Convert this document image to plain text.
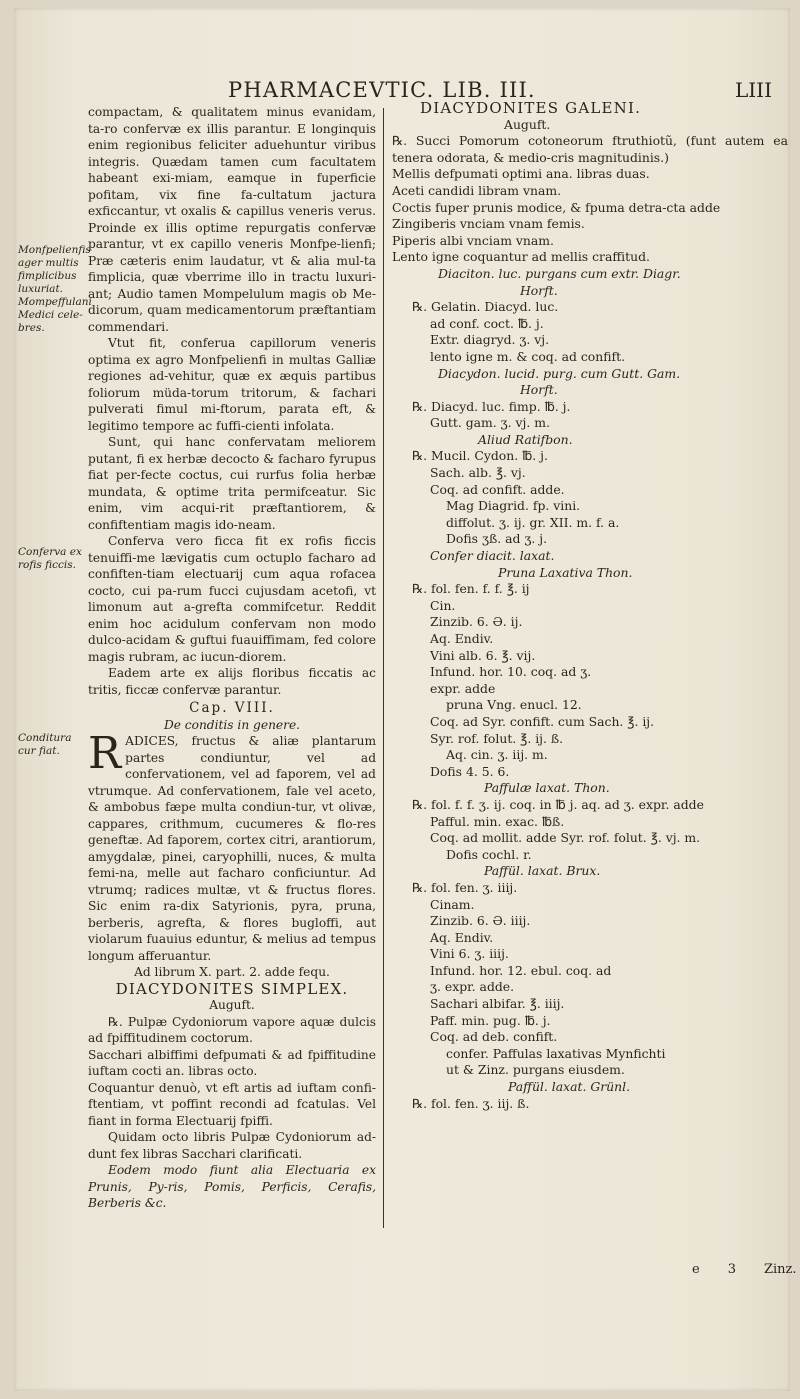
PHARMACEVTIC. LIB. III.	LIII

Monfpelienfis

ager multis

fimplicibus

luxuriat.

Mompeffulani

Medici cele-

bres.

Conferva ex

rofis ficcis.

Conditura

cur fiat.

compactam, & qualitatem minus evanidam, ta-ro confervæ ex illis parantur. E longinquis enim regionibus feliciter aduehuntur viribus integris. Quædam tamen cum facultatem habeant exi-miam, eamque in fuperficie pofitam, vix fine fa-cultatum jactura exficcantur, vt oxalis & capillus veneris verus. Proinde ex illis optime repurgatis confervæ parantur, vt ex capillo veneris Monfpe-lienfi; Præ cæteris enim laudatur, vt & alia mul-ta fimplicia, quæ vberrime illo in tractu luxuri-ant; Audio tamen Mompelulum magis ob Me-dicorum, quam medicamentorum præftantiam commendari.

Vtut fit, conferua capillorum veneris optima ex agro Monfpelienfi in multas Galliæ regiones ad-vehitur, quæ ex æquis partibus foliorum müda-torum tritorum, & fachari pulverati fimul mi-ftorum, parata eft, & legitimo tempore ac fuffi-cienti infolata.

Sunt, qui hanc confervatam meliorem putant, fi ex herbæ decocto & facharo fyrupus fiat per-fecte coctus, cui rurfus folia herbæ mundata, & optime trita permifceatur. Sic enim, vim acqui-rit præftantiorem, & confiftentiam magis ido-neam.

Conferva vero ficca fit ex rofis ficcis tenuiffi-me lævigatis cum octuplo facharo ad confiften-tiam electuarij cum aqua rofacea cocto, cui pa-rum fucci cujusdam acetofi, vt limonum aut a-grefta commifcetur. Reddit enim hoc acidulum confervam non modo dulco-acidam & guftui fuauiffimam, fed colore magis rubram, ac iucun-diorem.

Eadem arte ex alijs floribus ficcatis ac tritis, ficcæ confervæ parantur.

Cap. VIII.

De conditis in genere.

RADICES, fructus & aliæ plantarum partes condiuntur, vel ad confervationem, vel ad faporem, vel ad vtrumque. Ad confervationem, fale vel aceto, & ambobus fæpe multa condiun-tur, vt olivæ, cappares, crithmum, cucumeres & flo-res geneftæ. Ad faporem, cortex citri, arantiorum, amygdalæ, pinei, caryophilli, nuces, & multa femi-na, melle aut facharo conficiuntur. Ad vtrumq; radices multæ, vt & fructus flores. Sic enim ra-dix Satyrionis, pyra, pruna, berberis, agrefta, & flores bugloffi, aut violarum fuauius eduntur, & melius ad tempus longum afferuantur.

Ad librum X. part. 2. adde fequ.

DIACYDONITES SIMPLEX.

Auguft.

℞. Pulpæ Cydoniorum vapore aquæ dulcis ad fpiffitudinem coctorum.

Sacchari albiffimi defpumati & ad fpiffitudine iuftam cocti an. libras octo.

Coquantur denuò, vt eft artis ad iuftam confi-ftentiam, vt poffint recondi ad fcatulas. Vel fiant in forma Electuarij fpiffi.

Quidam octo libris Pulpæ Cydoniorum ad-dunt fex libras Sacchari clarificati.

Eodem modo fiunt alia Electuaria ex Prunis, Py-ris, Pomis, Perficis, Cerafis, Berberis &c.

DIACYDONITES GALENI.

Auguft.

℞. Succi Pomorum cotoneorum ftruthiotũ, (funt autem ea tenera odorata, & medio-cris magnitudinis.)

Mellis defpumati optimi ana. libras duas.

Aceti candidi libram vnam.

Coctis fuper prunis modice, & fpuma detra-cta adde

Zingiberis vnciam vnam femis.

Piperis albi vnciam vnam.

Lento igne coquantur ad mellis craffitud.

Diaciton. luc. purgans cum extr. Diagr.

Horft.

℞. Gelatin. Diacyd. luc.

ad conf. coct. ℔. j.

Extr. diagryd. ʒ. vj.

lento igne m. & coq. ad confift.

Diacydon. lucid. purg. cum Gutt. Gam.

Horft.

℞. Diacyd. luc. fimp. ℔. j.

Gutt. gam. ʒ. vj. m.

Aliud Ratifbon.

℞. Mucil. Cydon. ℔. j.

Sach. alb. ℥. vj.

Coq. ad confift. adde.

Mag Diagrid. fp. vini.

diffolut. ʒ. ij. gr. XII. m. f. a.

Dofis ʒß. ad ʒ. j.

Confer diacit. laxat.

Pruna Laxativa Thon.

℞. fol. fen. f. f. ℥. ij

Cin.

Zinzib. 6. Ə. ij.

Aq. Endiv.

Vini alb. 6. ℥. vij.

Infund. hor. 10. coq. ad ʒ.

expr. adde

pruna Vng. enucl. 12.

Coq. ad Syr. confift. cum Sach. ℥. ij.

Syr. rof. folut. ℥. ij. ß.

Aq. cin. ʒ. iij. m.

Dofis 4. 5. 6.

Paffulæ laxat. Thon.

℞. fol. f. f. ʒ. ij. coq. in ℔ j. aq. ad ʒ. expr. adde

Pafful. min. exac. ℔ß.

Coq. ad mollit. adde Syr. rof. folut. ℥. vj. m.

Dofis cochl. r.

Paffül. laxat. Brux.

℞. fol. fen. ʒ. iiij.

Cinam.

Zinzib. 6. Ə. iiij.

Aq. Endiv.

Vini 6. ʒ. iiij.

Infund. hor. 12. ebul. coq. ad

ʒ. expr. adde.

Sachari albifar. ℥. iiij.

Paff. min. pug. ℔. j.

Coq. ad deb. confift.

confer. Paffulas laxativas Mynfichti

ut & Zinz. purgans eiusdem.

Paffül. laxat. Grünl.

℞. fol. fen. ʒ. iij. ß.

e 3 Zinz.
